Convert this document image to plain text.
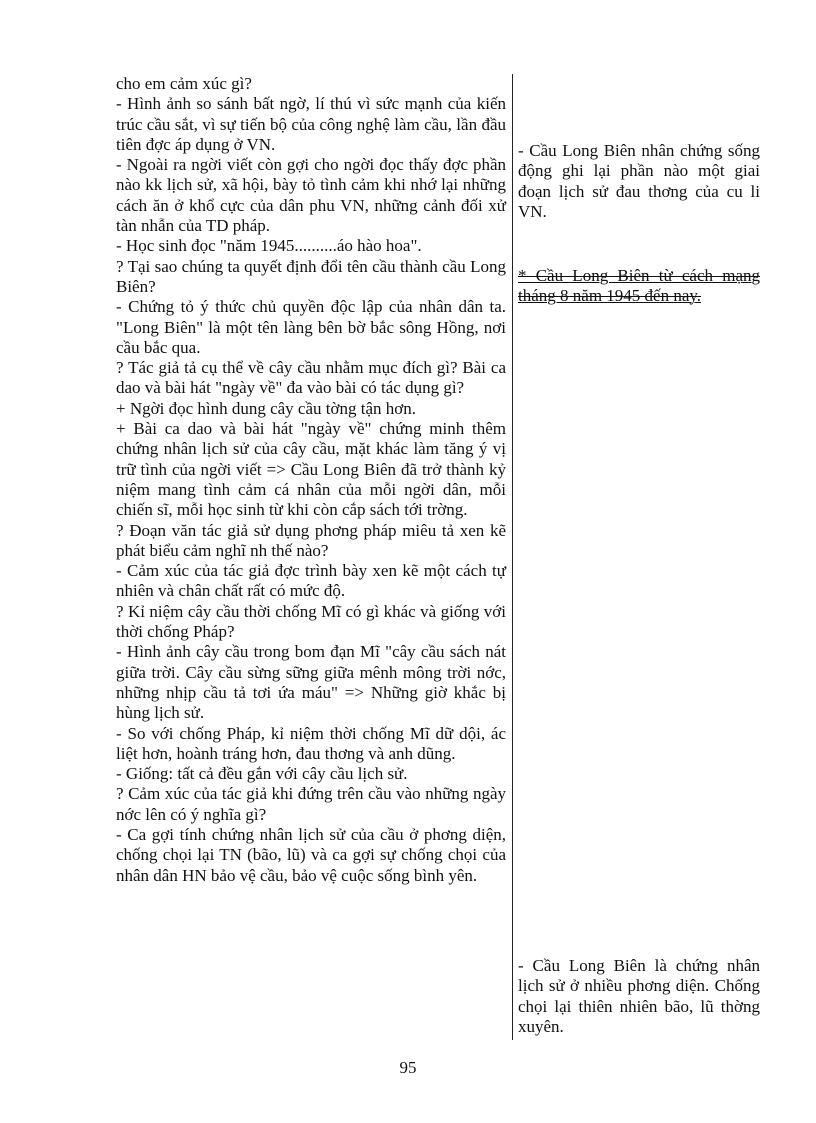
cho em cảm xúc gì?

- Hình ảnh so sánh bất ngờ, lí thú vì sức mạnh của kiến trúc cầu sắt, vì sự tiến bộ của công nghệ làm cầu, lần đầu tiên đợc áp dụng ở VN.

- Ngoài ra ngời viết còn gợi cho ngời đọc thấy đợc phần nào kk lịch sử, xã hội, bày tỏ tình cảm khi nhớ lại những cách ăn ở khổ cực của dân phu VN, những cảnh đối xử tàn nhẫn của TD pháp.

- Học sinh đọc "năm 1945..........áo hào hoa".

? Tại sao chúng ta quyết định đổi tên cầu thành cầu Long Biên?

- Chứng tỏ ý thức chủ quyền độc lập của nhân dân ta. "Long Biên" là một tên làng bên bờ bắc sông Hồng, nơi cầu bắc qua.

? Tác giả tả cụ thể về cây cầu nhằm mục đích gì? Bài ca dao và bài hát "ngày về" đa vào bài có tác dụng gì?

+ Ngời đọc hình dung cây cầu tờng tận hơn.

+ Bài ca dao và bài hát "ngày về" chứng minh thêm chứng nhân lịch sử của cây cầu, mặt khác làm tăng ý vị trữ tình của ngời viết => Cầu Long Biên đã trở thành kỷ niệm mang tình cảm cá nhân của mỗi ngời dân, mỗi chiến sĩ, mỗi học sinh từ khi còn cắp sách tới trờng.

? Đoạn văn tác giả sử dụng phơng pháp miêu tả xen kẽ phát biểu cảm nghĩ nh thế nào?

- Cảm xúc của tác giả đợc trình bày xen kẽ một cách tự nhiên và chân chất rất có mức độ.

? Kỉ niệm cây cầu thời chống Mĩ có gì khác và giống với thời chống Pháp?

- Hình ảnh cây cầu trong bom đạn Mĩ "cây cầu sách nát giữa trời. Cây cầu sừng sững giữa mênh mông trời nớc, những nhịp cầu tả tơi ứa máu" => Những giờ khắc bị hùng lịch sử.

- So với chống Pháp, kỉ niệm thời chống Mĩ dữ dội, ác liệt hơn, hoành tráng hơn, đau thơng và anh dũng.

- Giống: tất cả đều gắn với cây cầu lịch sử.

? Cảm xúc của tác giả khi đứng trên cầu vào những ngày nớc lên có ý nghĩa gì?

- Ca gợi tính chứng nhân lịch sử của cầu ở phơng diện, chống chọi lại TN (bão, lũ) và ca gợi sự chống chọi của nhân dân HN bảo vệ cầu, bảo vệ cuộc sống bình yên.

- Cầu Long Biên nhân chứng sống động ghi lại phần nào một giai đoạn lịch sử đau thơng của cu li VN.

* Cầu Long Biên từ cách mạng tháng 8 năm 1945 đến nay.

- Cầu Long Biên là chứng nhân lịch sử ở nhiều phơng diện. Chống chọi lại thiên nhiên bão, lũ thờng xuyên.

95
